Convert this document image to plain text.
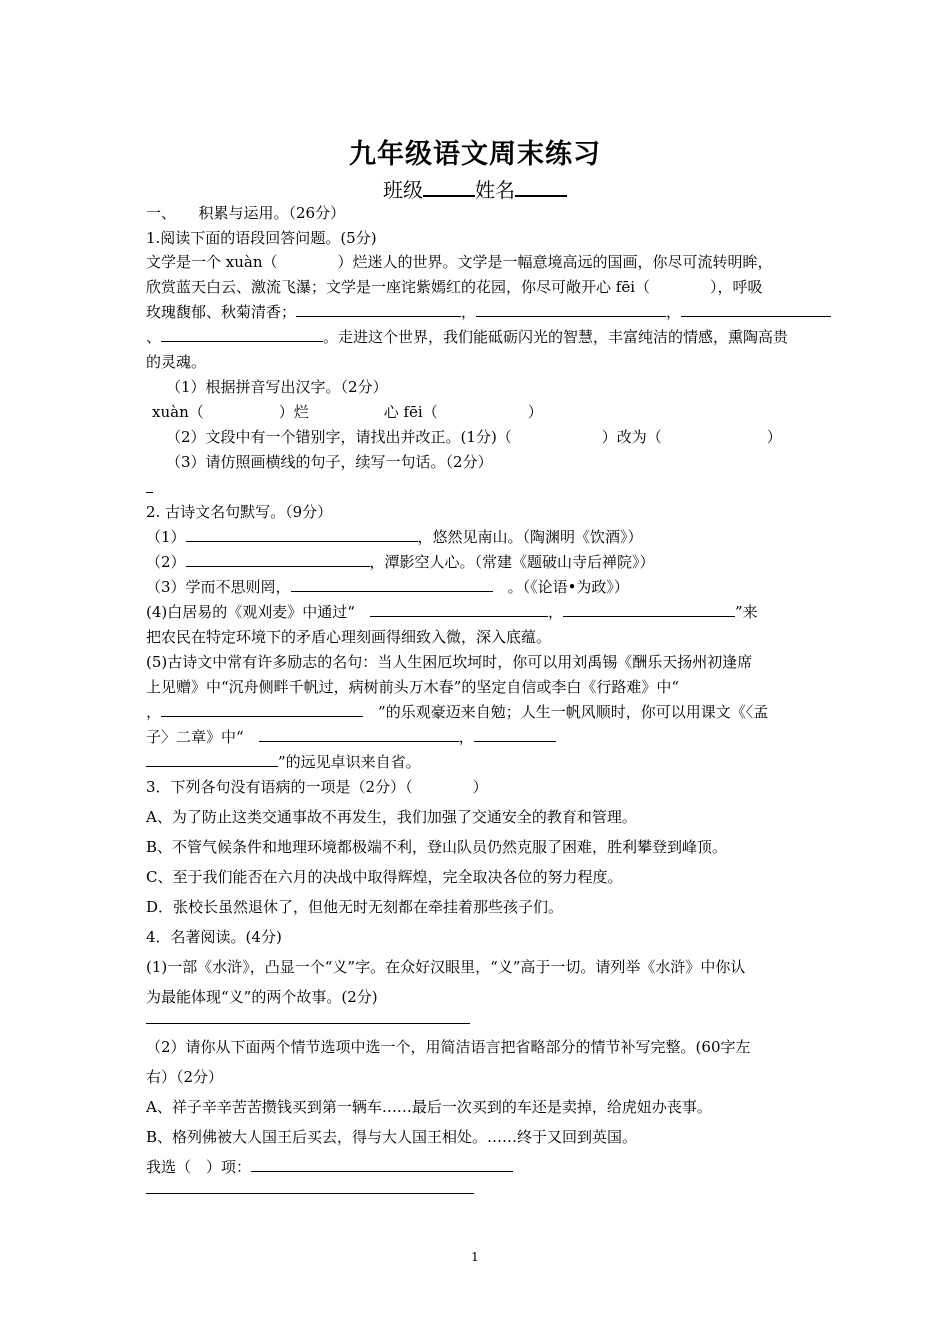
九年级语文周末练习
班级	姓名
一、　　积累与运用。（26分）
1.阅读下面的语段回答问题。(5分)
文学是一个 xuàn（　　　　）烂迷人的世界。文学是一幅意境高远的国画，你尽可流转明眸，
欣赏蓝天白云、激流飞瀑；文学是一座诧紫嫣红的花园，你尽可敞开心 fēi（　　　　），呼吸
玫瑰馥郁、秋菊清香；	，	，
、	。走进这个世界，我们能砥砺闪光的智慧，丰富纯洁的情感，熏陶高贵
的灵魂。
（1）根据拼音写出汉字。（2分）
xuàn（　　　　　）烂　　　　　心 fēi（　　　　　　）
（2）文段中有一个错别字，请找出并改正。(1分)（　　　　　　）改为（　　　　　　　）
（3）请仿照画横线的句子，续写一句话。（2分）
2. 古诗文名句默写。（9分）
（1）	，悠然见南山。（陶渊明《饮酒》）
（2）	，潭影空人心。（常建《题破山寺后禅院》）
（3）学而不思则罔，　	。（《论语•为政》）
(4)白居易的《观刈麦》中通过“　	，	”来
把农民在特定环境下的矛盾心理刻画得细致入微，深入底蕴。
(5)古诗文中常有许多励志的名句：当人生困厄坎坷时，你可以用刘禹锡《酬乐天扬州初逢席
上见赠》中“沉舟侧畔千帆过，病树前头万木春”的坚定自信或李白《行路难》中“
，　	”的乐观豪迈来自勉；人生一帆风顺时，你可以用课文《〈孟
子〉二章》中“　	，
”的远见卓识来自省。
3．下列各句没有语病的一项是（2分）（　　　　）
A、为了防止这类交通事故不再发生，我们加强了交通安全的教育和管理。
B、不管气候条件和地理环境都极端不利，登山队员仍然克服了困难，胜利攀登到峰顶。
C、至于我们能否在六月的决战中取得辉煌，完全取决各位的努力程度。
D．张校长虽然退休了，但他无时无刻都在牵挂着那些孩子们。
4．名著阅读。(4分)
(1)一部《水浒》，凸显一个“义”字。在众好汉眼里，“义”高于一切。请列举《水浒》中你认
为最能体现“义”的两个故事。(2分)
（2）请你从下面两个情节选项中选一个，用简洁语言把省略部分的情节补写完整。(60字左
右）（2分）
A、祥子辛辛苦苦攒钱买到第一辆车……最后一次买到的车还是卖掉，给虎妞办丧事。
B、格列佛被大人国王后买去，得与大人国王相处。……终于又回到英国。
我选（　）项：
1
